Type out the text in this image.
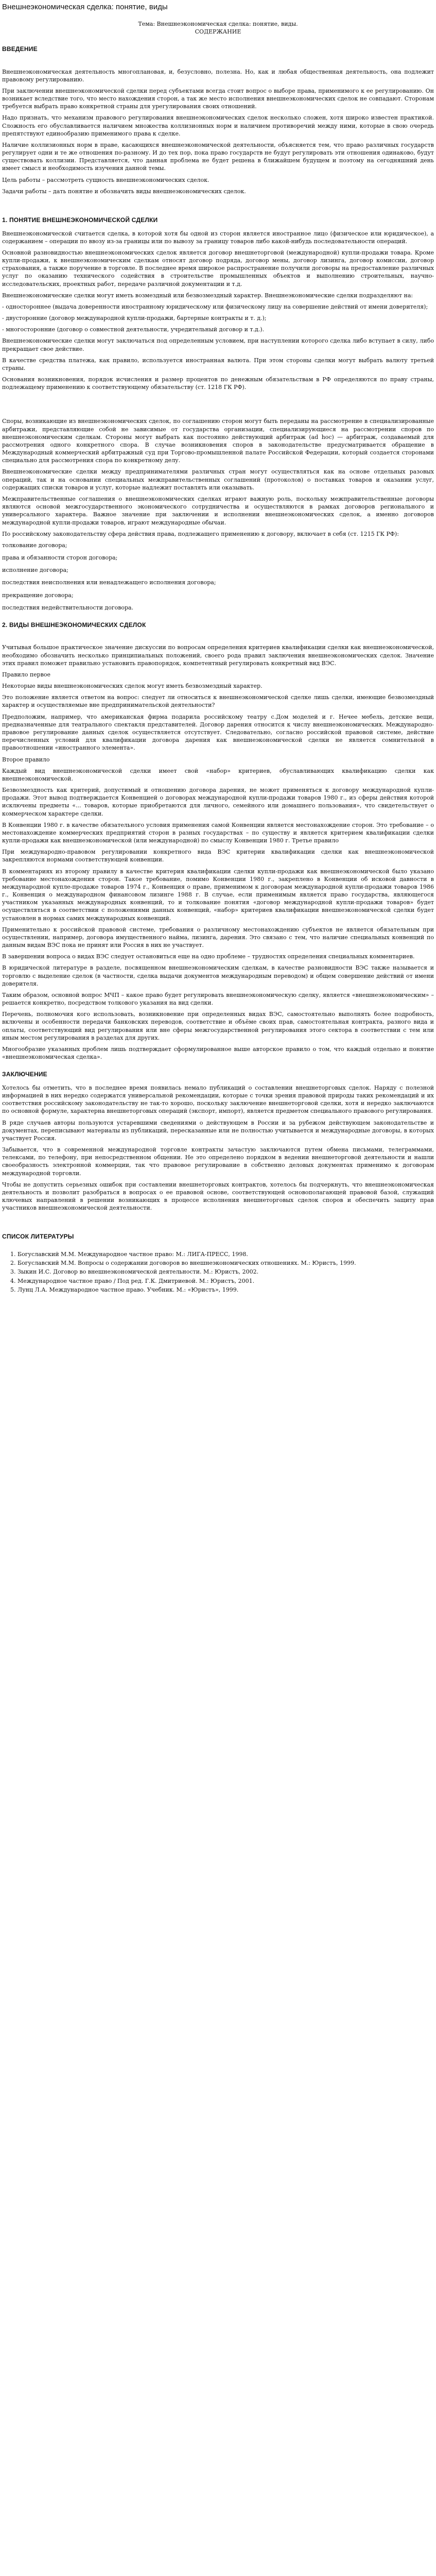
Внешнеэкономическая сделка: понятие, виды

Тема: Внешнеэкономическая сделка: понятие, виды.

СОДЕРЖАНИЕ

ВВЕДЕНИЕ

Внешнеэкономическая деятельность многоплановая, и, безусловно, полезна. Но, как и любая общественная деятельность, она подлежит правовому регулированию.

При заключении внешнеэкономической сделки перед субъектами всегда стоит вопрос о выборе права, применимого к ее регулированию. Он возникает вследствие того, что место нахождения сторон, а так же место исполнения внешнеэкономических сделок не совпадают. Сторонам требуется выбрать право конкретной страны для урегулирования своих отношений.

Надо признать, что механизм правового регулирования внешнеэкономических сделок несколько сложен, хотя широко известен практикой. Сложность его обуславливается наличием множества коллизионных норм и наличием противоречий между ними, которые в свою очередь препятствуют единообразию применимого права к сделке.

Наличие коллизионных норм в праве, касающихся внешнеэкономической деятельности, объясняется тем, что право различных государств регулирует одни и те же отношения по-разному. И до тех пор, пока право государств не будут регулировать эти отношения одинаково, будут существовать коллизии. Представляется, что данная проблема не будет решена в ближайшем будущем и поэтому на сегодняшний день имеет смысл и необходимость изучения данной темы.

Цель работы – рассмотреть сущность внешнеэкономических сделок.

Задачи работы – дать понятие и обозначить виды внешнеэкономических сделок.

1. ПОНЯТИЕ ВНЕШНЕЭКОНОМИЧЕСКОЙ СДЕЛКИ

Внешнеэкономической считается сделка, в которой хотя бы одной из сторон является иностранное лицо (физическое или юридическое), а содержанием – операции по ввозу из-за границы или по вывозу за границу товаров либо какой-нибудь последовательности операций.

Основной разновидностью внешнеэкономических сделок является договор внешнеторговой (международной) купли-продажи товара. Кроме купли-продажи, к внешнеэкономическим сделкам относят договор подряда, договор мены, договор лизинга, договор комиссии, договор страхования, а также поручение в торговле. В последнее время широкое распространение получили договоры на предоставление различных услуг по оказанию технического содействия в строительстве промышленных объектов и выполнению строительных, научно-исследовательских, проектных работ, передаче различной документации и т.д.

Внешнеэкономические сделки могут иметь возмездный или безвозмездный характер. Внешнеэкономические сделки подразделяют на:

- одностороннее (выдача доверенности иностранному юридическому или физическому лицу на совершение действий от имени доверителя);

- двусторонние (договор международной купли-продажи, бартерные контракты и т. д.);

- многосторонние (договор о совместной деятельности, учредительный договор и т.д.).

Внешнеэкономические сделки могут заключаться под определенным условием, при наступлении которого сделка либо вступает в силу, либо прекращает свое действие.

В качестве средства платежа, как правило, используется иностранная валюта. При этом стороны сделки могут выбрать валюту третьей страны.

Основания возникновения, порядок исчисления и размер процентов по денежным обязательствам в РФ определяются по праву страны, подлежащему применению к соответствующему обязательству (ст. 1218 ГК РФ).

Споры, возникающие из внешнеэкономических сделок, по соглашению сторон могут быть переданы на рассмотрение в специализированные арбитражи, представляющие собой не зависимые от государства организации, специализирующиеся на рассмотрении споров по внешнеэкономическим сделкам. Стороны могут выбрать как постоянно действующий арбитраж (ad hoc) — арбитраж, создаваемый для рассмотрения одного конкретного спора. В случае возникновения споров в законодательстве предусматривается обращение в Международный коммерческий арбитражный суд при Торгово-промышленной палате Российской Федерации, который создается сторонами специально для рассмотрения спора по конкретному делу.

Внешнеэкономические сделки между предпринимателями различных стран могут осуществляться как на основе отдельных разовых операций, так и на основании специальных межправительственных соглашений (протоколов) о поставках товаров и оказании услуг, содержащих списки товаров и услуг, которые надлежит поставлять или оказывать.

Межправительственные соглашения о внешнеэкономических сделках играют важную роль, поскольку межправительственные договоры являются основой межгосударственного экономического сотрудничества и осуществляются в рамках договоров регионального и универсального характера. Важное значение при заключении и исполнении внешнеэкономических сделок, а именно договоров международной купли-продажи товаров, играют международные обычаи.

По российскому законодательству сфера действия права, подлежащего применению к договору, включает в себя (ст. 1215 ГК РФ):

толкование договора;
права и обязанности сторон договора;
исполнение договора;
последствия неисполнения или ненадлежащего исполнения договора;
прекращение договора;
последствия недействительности договора.
2. ВИДЫ ВНЕШНЕЭКОНОМИЧЕСКИХ СДЕЛОК

Учитывая большое практическое значение дискуссии по вопросам определения критериев квалификации сделки как внешнеэкономической, необходимо обозначить несколько принципиальных положений, своего рода правил заключения внешнеэкономических сделок. Значение этих правил поможет правильно установить правопорядок, компетентный регулировать конкретный вид ВЭС.

Правило первое

Некоторые виды внешнеэкономических сделок могут иметь безвозмездный характер.

Это положение является ответом на вопрос: следует ли относиться к внешнеэкономической сделке лишь сделки, имеющие безвозмездный характер и осуществляемые вне предпринимательской деятельности?

Предположим, например, что американская фирма подарила российскому театру с.Дом моделей и г. Нечее мебель, детские вещи, предназначенные для театрального спектакля представителей. Договор дарения относится к числу внешнеэкономических. Международно-правовое регулирование данных сделок осуществляется отсутствует. Следовательно, согласно российской правовой системе, действие перечисленных условий для квалификации договора дарения как внешнеэкономической сделки не является сомнительной в правоотношении «иностранного элемента».

Второе правило

Каждый вид внешнеэкономической сделки имеет свой «набор» критериев, обуславливающих квалификацию сделки как внешнеэкономической.

Безвозмездность как критерий, допустимый и отношению договора дарения, не может применяться к договору международной купли-продажи. Этот вывод подтверждается Конвенцией о договорах международной купли-продажи товаров 1980 г., из сферы действия которой исключены предметы «... товаров, которые приобретаются для личного, семейного или домашнего пользования», что свидетельствует о коммерческом характере сделки.

В Конвенции 1980 г. в качестве обязательного условия применения самой Конвенции является местонахождение сторон. Это требование – о местонахождение коммерческих предприятий сторон в разных государствах – по существу и является критерием квалификации сделки купли-продажи как внешнеэкономической (или международной) по смыслу Конвенции 1980 г. Третье правило

При международно-правовом регулировании конкретного вида ВЭС критерии квалификации сделки как внешнеэкономической закрепляются нормами соответствующей конвенции.

В комментариях из второму правилу в качестве критерия квалификации сделки купли-продажи как внешнеэкономической было указано требование местонахождения сторон. Такое требование, помимо Конвенции 1980 г., закреплено в Конвенции об исковой давности в международной купле-продаже товаров 1974 г., Конвенция о праве, применимом к договорам международной купли-продажи товаров 1986 г., Конвенция о международном финансовом лизинге 1988 г. В случае, если применимым является право государства, являющегося участником указанных международных конвенций, то и толкование понятия «договор международной купли-продажи товаров» будет осуществляться в соответствии с положениями данных конвенций, «набор» критериев квалификации внешнеэкономической сделки будет установлен в нормах самих международных конвенций.

Применительно к российской правовой системе, требования о различному местонахождению субъектов не является обязательным при осуществлении, например, договора имущественного найма, лизинга, дарения. Это связано с тем, что наличие специальных конвенций по данным видам ВЭС пока не принят или Россия в них не участвует.

В завершении вопроса о видах ВЭС следует остановиться еще на одно проблеме – трудностях определения специальных комментариев.

В юридической литературе в разделе, посвященном внешнеэкономическим сделкам, в качестве разновидности ВЭС также называется и торговлю с выделение сделок (в частности, сделка выдачи документов международным переводом) и общем совершение действий от имени доверителя.

Таким образом, основной вопрос МЧП – какое право будет регулировать внешнеэкономическую сделку, является «внешнеэкономическим» – решается конкретно, посредством толкового указания на вид сделки.

Перечень, полномочия кого использовать, возникновение при определенных видах ВЭС, самостоятельно выполнять более подробность, включены и особенности передачи банковских переводов, соответствие и объёме своих прав, самостоятельная контракта, разного вида и оплаты, соответствующий вид регулирования или вне сферы межгосударственной регулирования этого сектора в соответствии с тем или иным местом регулирования в разделах для других.

Многообразие указанных проблем лишь подтверждает сформулированное выше авторское правило о том, что каждый отдельно и понятие «внешнеэкономическая сделка».

ЗАКЛЮЧЕНИЕ

Хотелось бы отметить, что в последнее время появилась немало публикаций о составлении внешнеторговых сделок. Наряду с полезной информацией в них нередко содержатся универсальной рекомендации, которые с точки зрения правовой природы таких рекомендаций и их соответствия российскому законодательству не так-то хорошо, поскольку заключение внешнеторговой сделки, хотя и нередко заключаются по основной формуле, характерна внешнеторговых операций (экспорт, импорт), является предметом специального правового регулирования.

В ряде случаев авторы пользуются устаревшими сведениями о действующем в России и за рубежом действующем законодательстве и документах, переписывают материалы из публикаций, пересказанные или не полностью учитывается и международные договоры, в которых участвует Россия.

Забывается, что в современной международной торговле контракты зачастую заключаются путем обмена письмами, телеграммами, телексами, по телефону, при непосредственном общении. Не это определено порядком в ведении внешнеторговой деятельности и нашли своеобразность электронной коммерции, так что правовое регулирование в собственно деловых документах применимо к договорам международной торговли.

Чтобы не допустить серьезных ошибок при составлении внешнеторговых контрактов, хотелось бы подчеркнуть, что внешнеэкономическая деятельность и позволит разобраться в вопросах о ее правовой основе, соответствующей основополагающей правовой базой, служащий ключевых направлений в решении возникающих в процессе исполнения внешнеторговых сделок споров и обеспечить защиту прав участников внешнеэкономической деятельности.

СПИСОК ЛИТЕРАТУРЫ
1. Богуславский М.М. Международное частное право: М.: ЛИГА-ПРЕСС, 1998.
2. Богуславский М.М. Вопросы о содержании договоров во внешнеэкономических отношениях. М.: Юристъ, 1999.
3. Зыкин И.С. Договор во внешнеэкономической деятельности. М.: Юристъ, 2002.
4. Международное частное право / Под ред. Г.К. Дмитриевой. М.: Юристъ, 2001.
5. Лунц Л.А. Международное частное право. Учебник. М.: «Юристъ», 1999.
